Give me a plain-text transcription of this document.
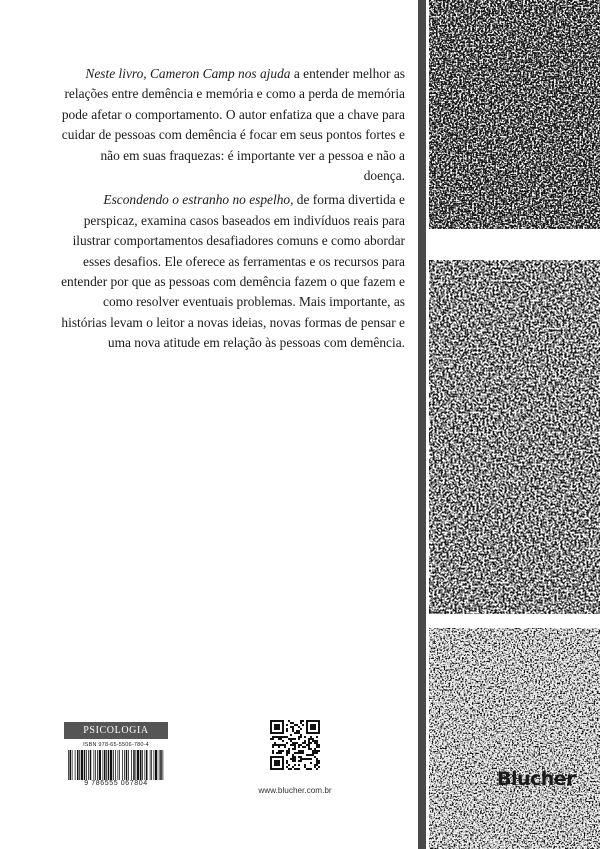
Neste livro, Cameron Camp nos ajuda a entender melhor as relações entre demência e memória e como a perda de memória pode afetar o comportamento. O autor enfatiza que a chave para cuidar de pessoas com demência é focar em seus pontos fortes e não em suas fraquezas: é importante ver a pessoa e não a doença.

Escondendo o estranho no espelho, de forma divertida e perspicaz, examina casos baseados em indivíduos reais para ilustrar comportamentos desafiadores comuns e como abordar esses desafios. Ele oferece as ferramentas e os recursos para entender por que as pessoas com demência fazem o que fazem e como resolver eventuais problemas. Mais importante, as histórias levam o leitor a novas ideias, novas formas de pensar e uma nova atitude em relação às pessoas com demência.

PSICOLOGIA
ISBN 978-65-5506-780-4
9 786555 067804
www.blucher.com.br
Blucher
